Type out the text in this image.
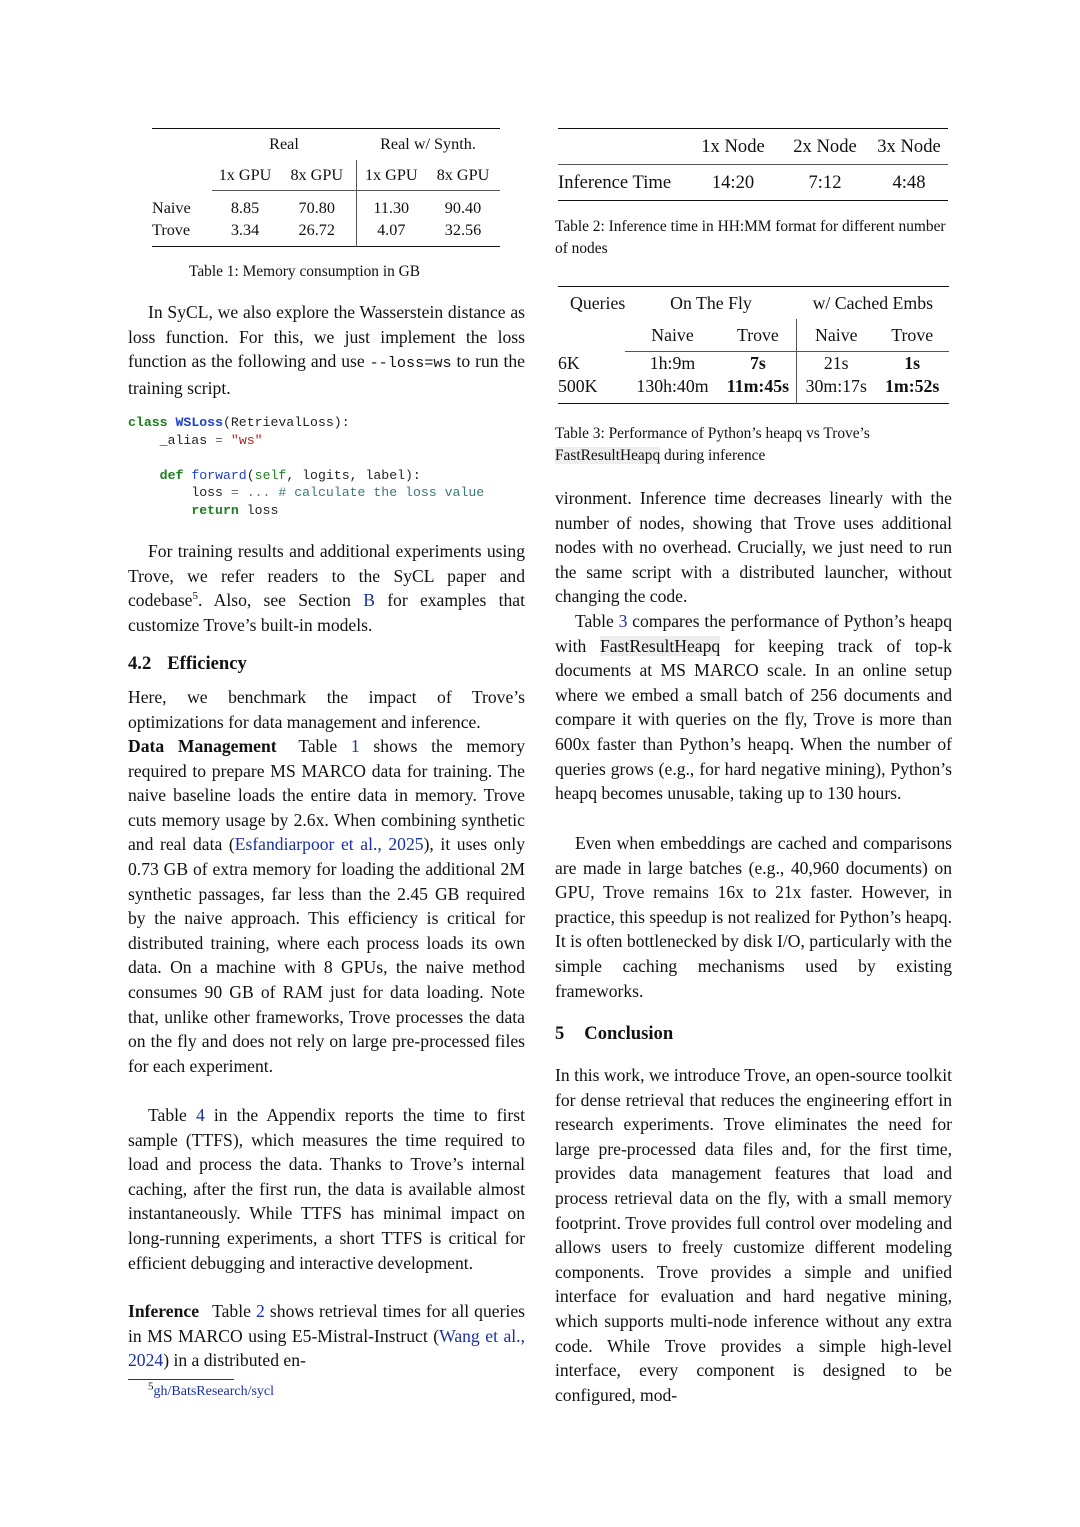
	Real		Real w/ Synth.	
	1x GPU	8x GPU	1x GPU	8x GPU

Naive	8.85	70.80	11.30	90.40
Trove	3.34	26.72	4.07	32.56

Table 1: Memory consumption in GB
In SyCL, we also explore the Wasserstein distance as loss function. For this, we just implement the loss function as the following and use --loss=ws to run the training script.
class WSLoss(RetrievalLoss):
_alias = "ws"

def forward(self, logits, label):
loss = ... # calculate the loss value
return loss
For training results and additional experiments using Trove, we refer readers to the SyCL paper and codebase$^5$. Also, see Section B for examples that customize Trove’s built-in models.
4.2 Efficiency
Here, we benchmark the impact of Trove’s optimizations for data management and inference.
Data Management Table 1 shows the memory required to prepare MS MARCO data for training. The naive baseline loads the entire data in memory. Trove cuts memory usage by 2.6x. When combining synthetic and real data (Esfandiarpoor et al., 2025), it uses only 0.73 GB of extra memory for loading the additional 2M synthetic passages, far less than the 2.45 GB required by the naive approach. This efficiency is critical for distributed training, where each process loads its own data. On a machine with 8 GPUs, the naive method consumes 90 GB of RAM just for data loading. Note that, unlike other frameworks, Trove processes the data on the fly and does not rely on large pre-processed files for each experiment.
Table 4 in the Appendix reports the time to first sample (TTFS), which measures the time required to load and process the data. Thanks to Trove’s internal caching, after the first run, the data is available almost instantaneously. While TTFS has minimal impact on long-running experiments, a short TTFS is critical for efficient debugging and interactive development.
Inference Table 2 shows retrieval times for all queries in MS MARCO using E5-Mistral-Instruct (Wang et al., 2024) in a distributed en-
$^5$gh/BatsResearch/sycl
	1x Node	2x Node	3x Node
Inference Time	14:20	7:12	4:48
Table 2: Inference time in HH:MM format for different number of nodes
Queries	On The Fly		w/ Cached Embs	
	Naive	Trove	Naive	Trove
6K	1h:9m	7s	21s	1s
500K	130h:40m	11m:45s	30m:17s	1m:52s

Table 3: Performance of Python’s heapq vs Trove’s FastResultHeapq during inference
vironment. Inference time decreases linearly with the number of nodes, showing that Trove uses additional nodes with no overhead. Crucially, we just need to run the same script with a distributed launcher, without changing the code.
Table 3 compares the performance of Python’s heapq with FastResultHeapq for keeping track of top-k documents at MS MARCO scale. In an online setup where we embed a small batch of 256 documents and compare it with queries on the fly, Trove is more than 600x faster than Python’s heapq. When the number of queries grows (e.g., for hard negative mining), Python’s heapq becomes unusable, taking up to 130 hours.
Even when embeddings are cached and comparisons are made in large batches (e.g., 40,960 documents) on GPU, Trove remains 16x to 21x faster. However, in practice, this speedup is not realized for Python’s heapq. It is often bottlenecked by disk I/O, particularly with the simple caching mechanisms used by existing frameworks.
5 Conclusion
In this work, we introduce Trove, an open-source toolkit for dense retrieval that reduces the engineering effort in research experiments. Trove eliminates the need for large pre-processed data files and, for the first time, provides data management features that load and process retrieval data on the fly, with a small memory footprint. Trove provides full control over modeling and allows users to freely customize different modeling components. Trove provides a simple and unified interface for evaluation and hard negative mining, which supports multi-node inference without any extra code. While Trove provides a simple high-level interface, every component is designed to be configured, mod-
